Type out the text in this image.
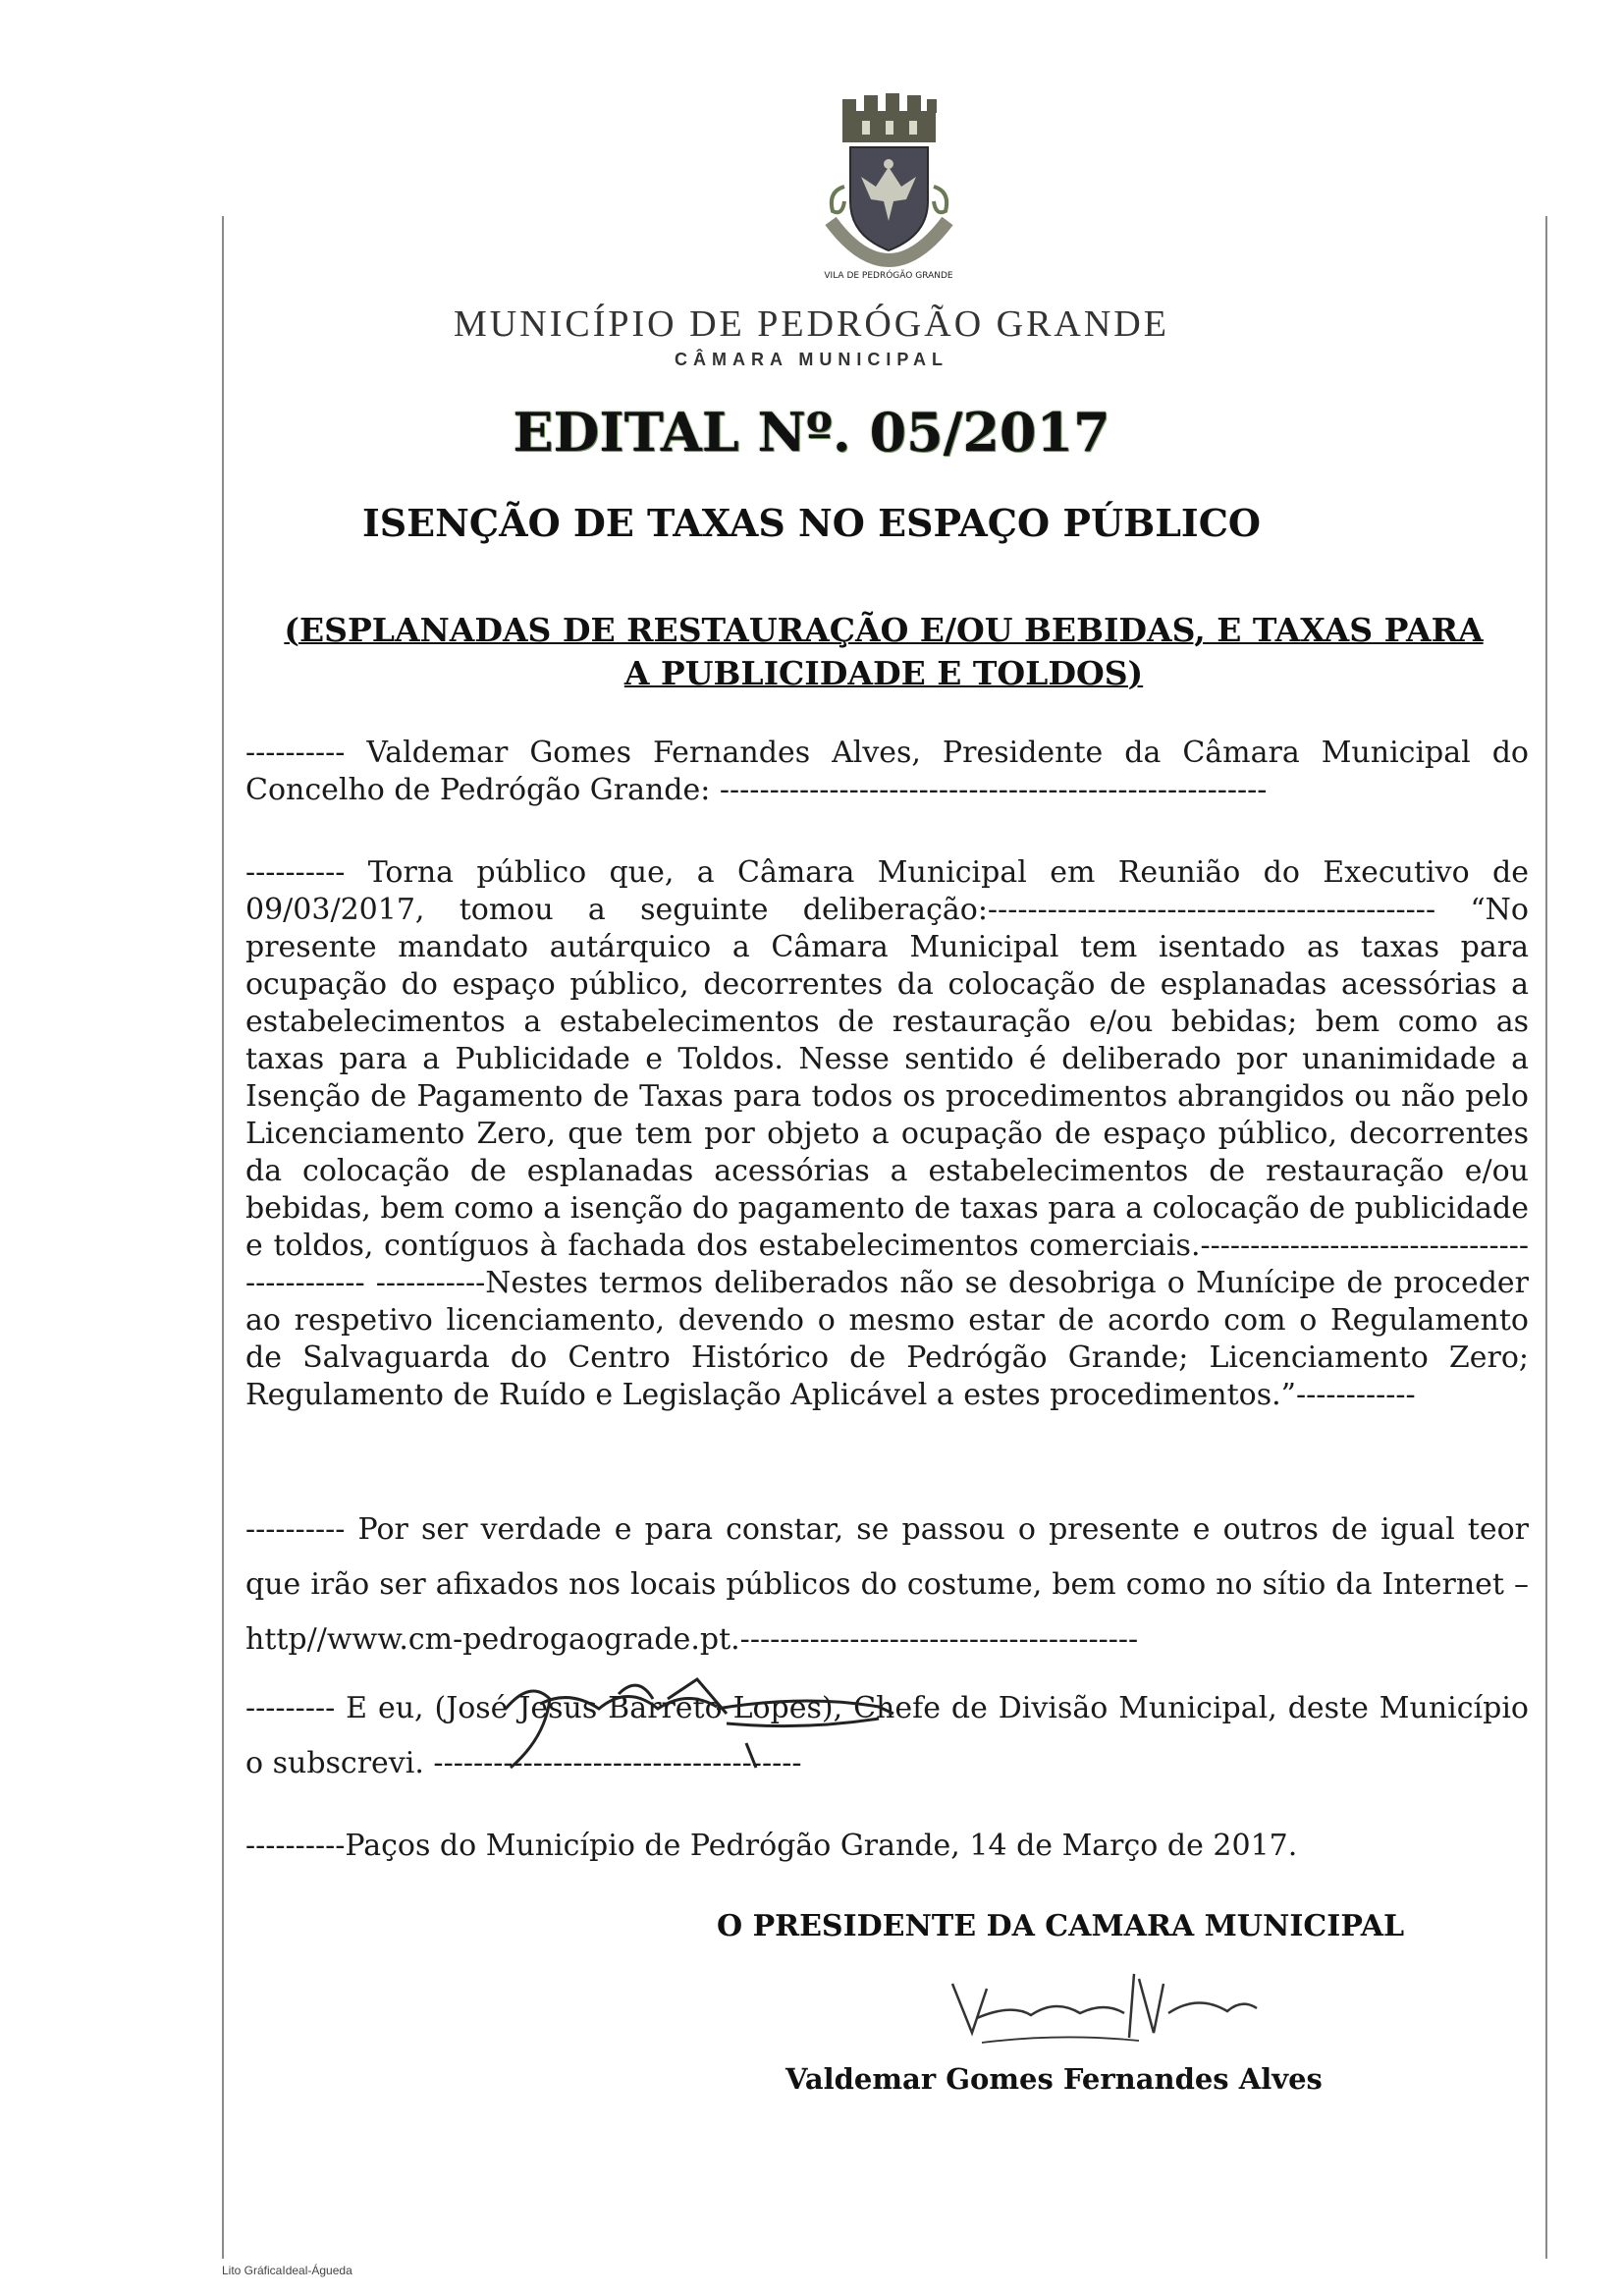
VILA DE PEDRÓGÃO GRANDE
MUNICÍPIO DE PEDRÓGÃO GRANDE
CÂMARA MUNICIPAL
EDITAL Nº. 05/2017
ISENÇÃO DE TAXAS NO ESPAÇO PÚBLICO
(ESPLANADAS DE RESTAURAÇÃO E/OU BEBIDAS, E TAXAS PARA A PUBLICIDADE E TOLDOS)
---------- Valdemar Gomes Fernandes Alves, Presidente da Câmara Municipal do Concelho de Pedrógão Grande: -------------------------------------------------------
---------- Torna público que, a Câmara Municipal em Reunião do Executivo de 09/03/2017, tomou a seguinte deliberação:--------------------------------------------- “No presente mandato autárquico a Câmara Municipal tem isentado as taxas para ocupação do espaço público, decorrentes da colocação de esplanadas acessórias a estabelecimentos a estabelecimentos de restauração e/ou bebidas; bem como as taxas para a Publicidade e Toldos. Nesse sentido é deliberado por unanimidade a Isenção de Pagamento de Taxas para todos os procedimentos abrangidos ou não pelo Licenciamento Zero, que tem por objeto a ocupação de espaço público, decorrentes da colocação de esplanadas acessórias a estabelecimentos de restauração e/ou bebidas, bem como a isenção do pagamento de taxas para a colocação de publicidade e toldos, contíguos à fachada dos estabelecimentos comerciais.--------------------------------------------- -----------Nestes termos deliberados não se desobriga o Munícipe de proceder ao respetivo licenciamento, devendo o mesmo estar de acordo com o Regulamento de Salvaguarda do Centro Histórico de Pedrógão Grande; Licenciamento Zero; Regulamento de Ruído e Legislação Aplicável a estes procedimentos.”------------
---------- Por ser verdade e para constar, se passou o presente e outros de igual teor que irão ser afixados nos locais públicos do costume, bem como no sítio da Internet – http//www.cm-pedrogaograde.pt.----------------------------------------
--------- E eu, (José Jesus Barreto Lopes), Chefe de Divisão Municipal, deste Município o subscrevi. -------------------------------------
----------Paços do Município de Pedrógão Grande, 14 de Março de 2017.
O PRESIDENTE DA CAMARA MUNICIPAL
Valdemar Gomes Fernandes Alves
Lito GráficaIdeal-Águeda
